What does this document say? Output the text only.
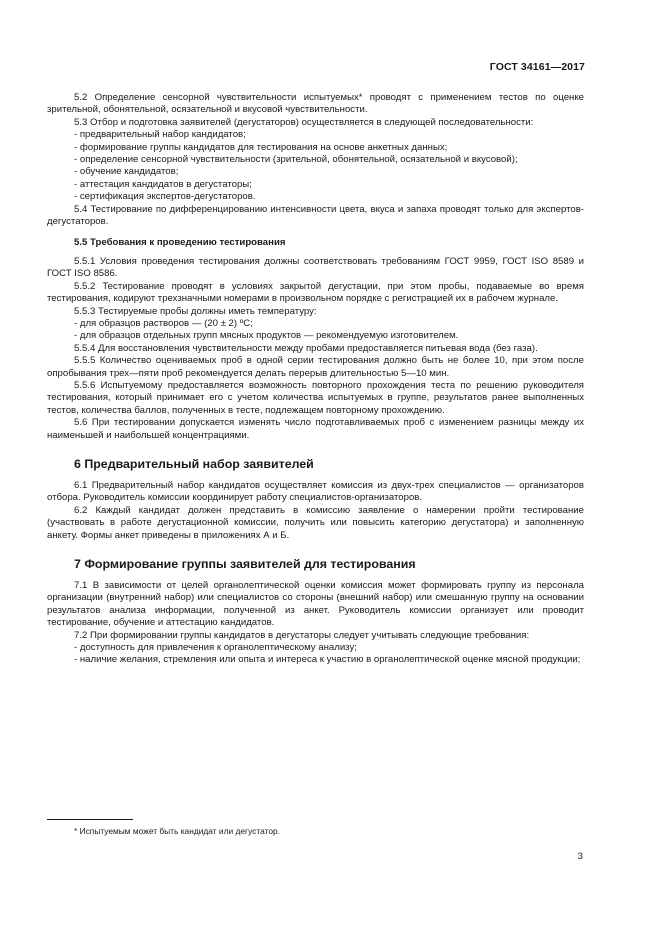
ГОСТ 34161—2017

5.2 Определение сенсорной чувствительности испытуемых* проводят с применением тестов по оценке зрительной, обонятельной, осязательной и вкусовой чувствительности.

5.3 Отбор и подготовка заявителей (дегустаторов) осуществляется в следующей последовательности:

- предварительный набор кандидатов;

- формирование группы кандидатов для тестирования на основе анкетных данных;

- определение сенсорной чувствительности (зрительной, обонятельной, осязательной и вкусовой);

- обучение кандидатов;

- аттестация кандидатов в дегустаторы;

- сертификация экспертов-дегустаторов.

5.4 Тестирование по дифференцированию интенсивности цвета, вкуса и запаха проводят только для экспертов-дегустаторов.

5.5 Требования к проведению тестирования

5.5.1 Условия проведения тестирования должны соответствовать требованиям ГОСТ 9959, ГОСТ ISO 8589 и ГОСТ ISO 8586.

5.5.2 Тестирование проводят в условиях закрытой дегустации, при этом пробы, подаваемые во время тестирования, кодируют трехзначными номерами в произвольном порядке с регистрацией их в рабочем журнале.

5.5.3 Тестируемые пробы должны иметь температуру:

- для образцов растворов — (20 ± 2) ºС;

- для образцов отдельных групп мясных продуктов — рекомендуемую изготовителем.

5.5.4 Для восстановления чувствительности между пробами предоставляется питьевая вода (без газа).

5.5.5 Количество оцениваемых проб в одной серии тестирования должно быть не более 10, при этом после опробывания трех—пяти проб рекомендуется делать перерыв длительностью 5—10 мин.

5.5.6 Испытуемому предоставляется возможность повторного прохождения теста по решению руководителя тестирования, который принимает его с учетом количества испытуемых в группе, результатов ранее выполненных тестов, количества баллов, полученных в тесте, подлежащем повторному прохождению.

5.6 При тестировании допускается изменять число подготавливаемых проб с изменением разницы между их наименьшей и наибольшей концентрациями.

6 Предварительный набор заявителей

6.1 Предварительный набор кандидатов осуществляет комиссия из двух-трех специалистов — организаторов отбора. Руководитель комиссии координирует работу специалистов-организаторов.

6.2 Каждый кандидат должен представить в комиссию заявление о намерении пройти тестирование (участвовать в работе дегустационной комиссии, получить или повысить категорию дегустатора) и заполненную анкету. Формы анкет приведены в приложениях А и Б.

7 Формирование группы заявителей для тестирования

7.1 В зависимости от целей органолептической оценки комиссия может формировать группу из персонала организации (внутренний набор) или специалистов со стороны (внешний набор) или смешанную группу на основании результатов анализа информации, полученной из анкет. Руководитель комиссии организует или проводит тестирование, обучение и аттестацию кандидатов.

7.2 При формировании группы кандидатов в дегустаторы следует учитывать следующие требования:

- доступность для привлечения к органолептическому анализу;

- наличие желания, стремления или опыта и интереса к участию в органолептической оценке мясной продукции;

* Испытуемым может быть кандидат или дегустатор.
3
